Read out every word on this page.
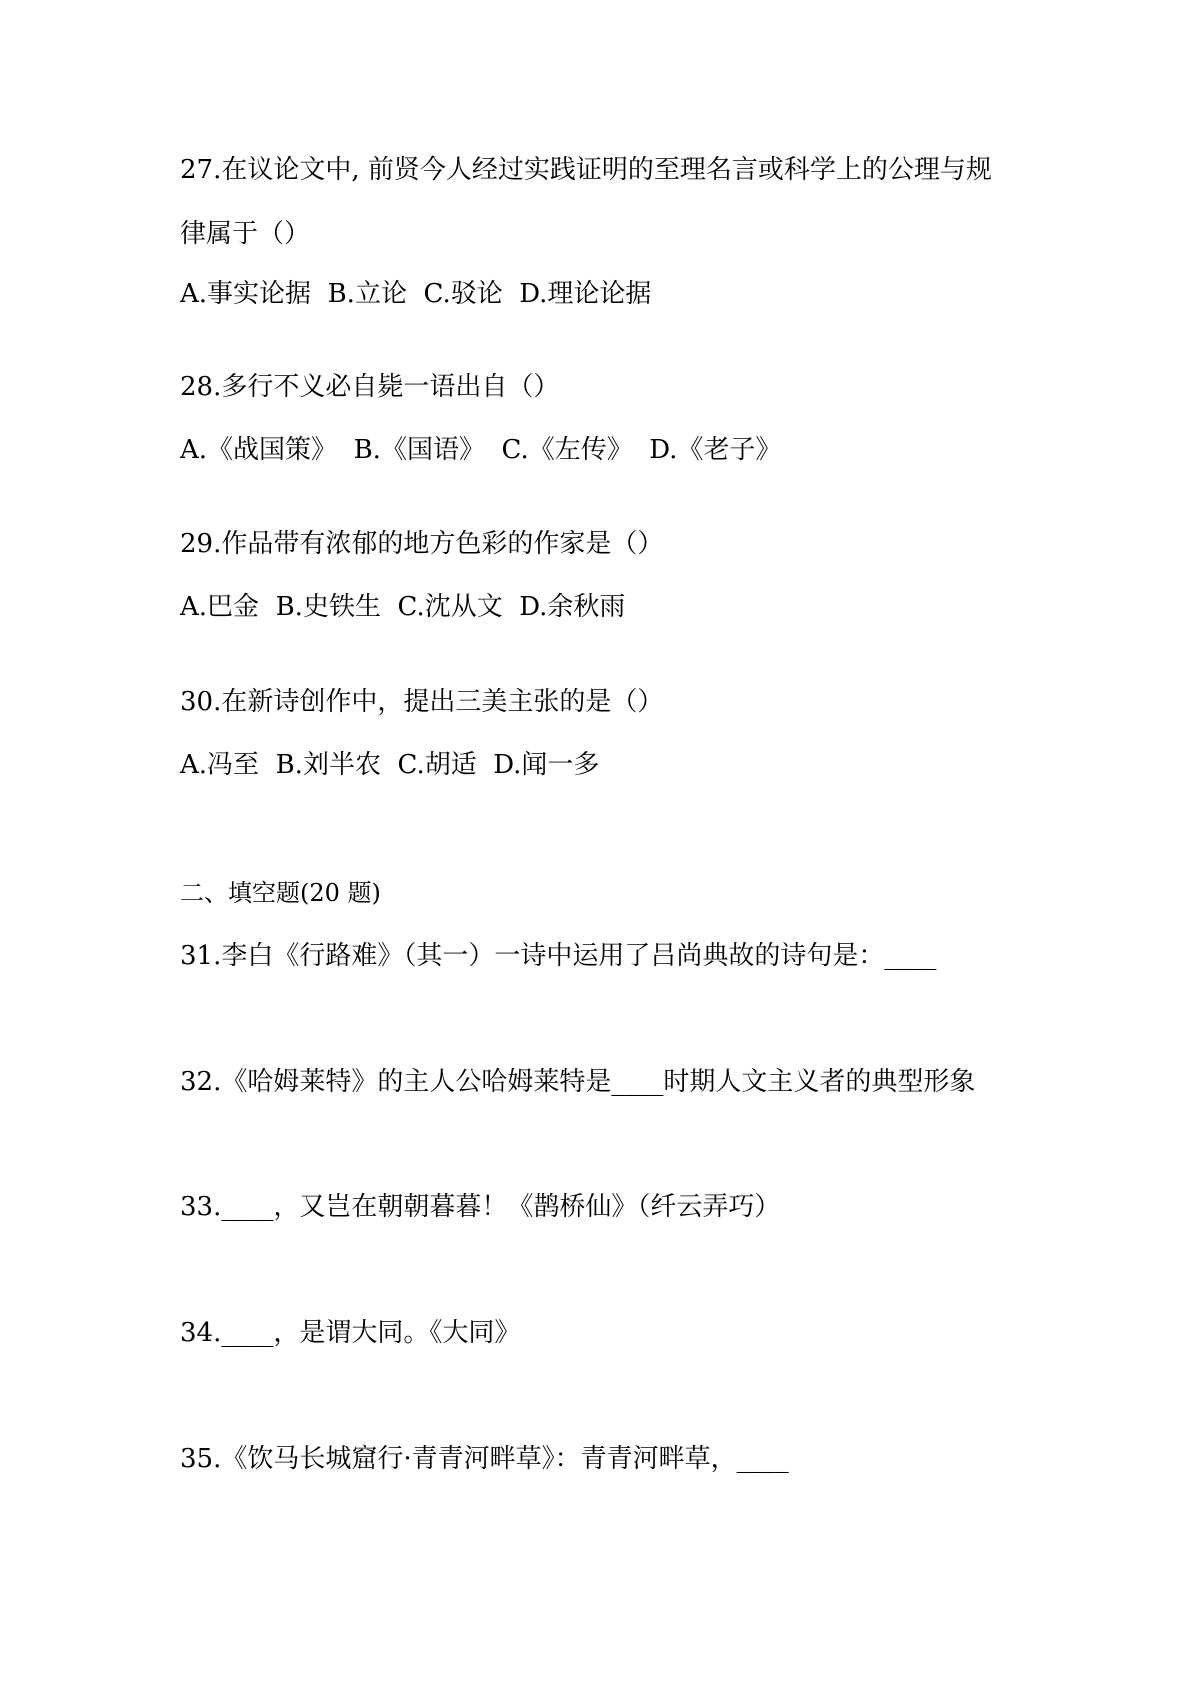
27.在议论文中, 前贤今人经过实践证明的至理名言或科学上的公理与规

律属于（）

A.事实论据  B.立论  C.驳论  D.理论论据

28.多行不义必自毙一语出自（）

A.《战国策》  B.《国语》  C.《左传》  D.《老子》

29.作品带有浓郁的地方色彩的作家是（）

A.巴金  B.史铁生  C.沈从文  D.余秋雨

30.在新诗创作中，提出三美主张的是（）

A.冯至  B.刘半农  C.胡适  D.闻一多

二、填空题(20 题)

31.李白《行路难》（其一）一诗中运用了吕尚典故的诗句是：____

32.《哈姆莱特》的主人公哈姆莱特是____时期人文主义者的典型形象

33.____，又岂在朝朝暮暮！《鹊桥仙》（纤云弄巧）

34.____，是谓大同。《大同》

35.《饮马长城窟行·青青河畔草》：青青河畔草，____
